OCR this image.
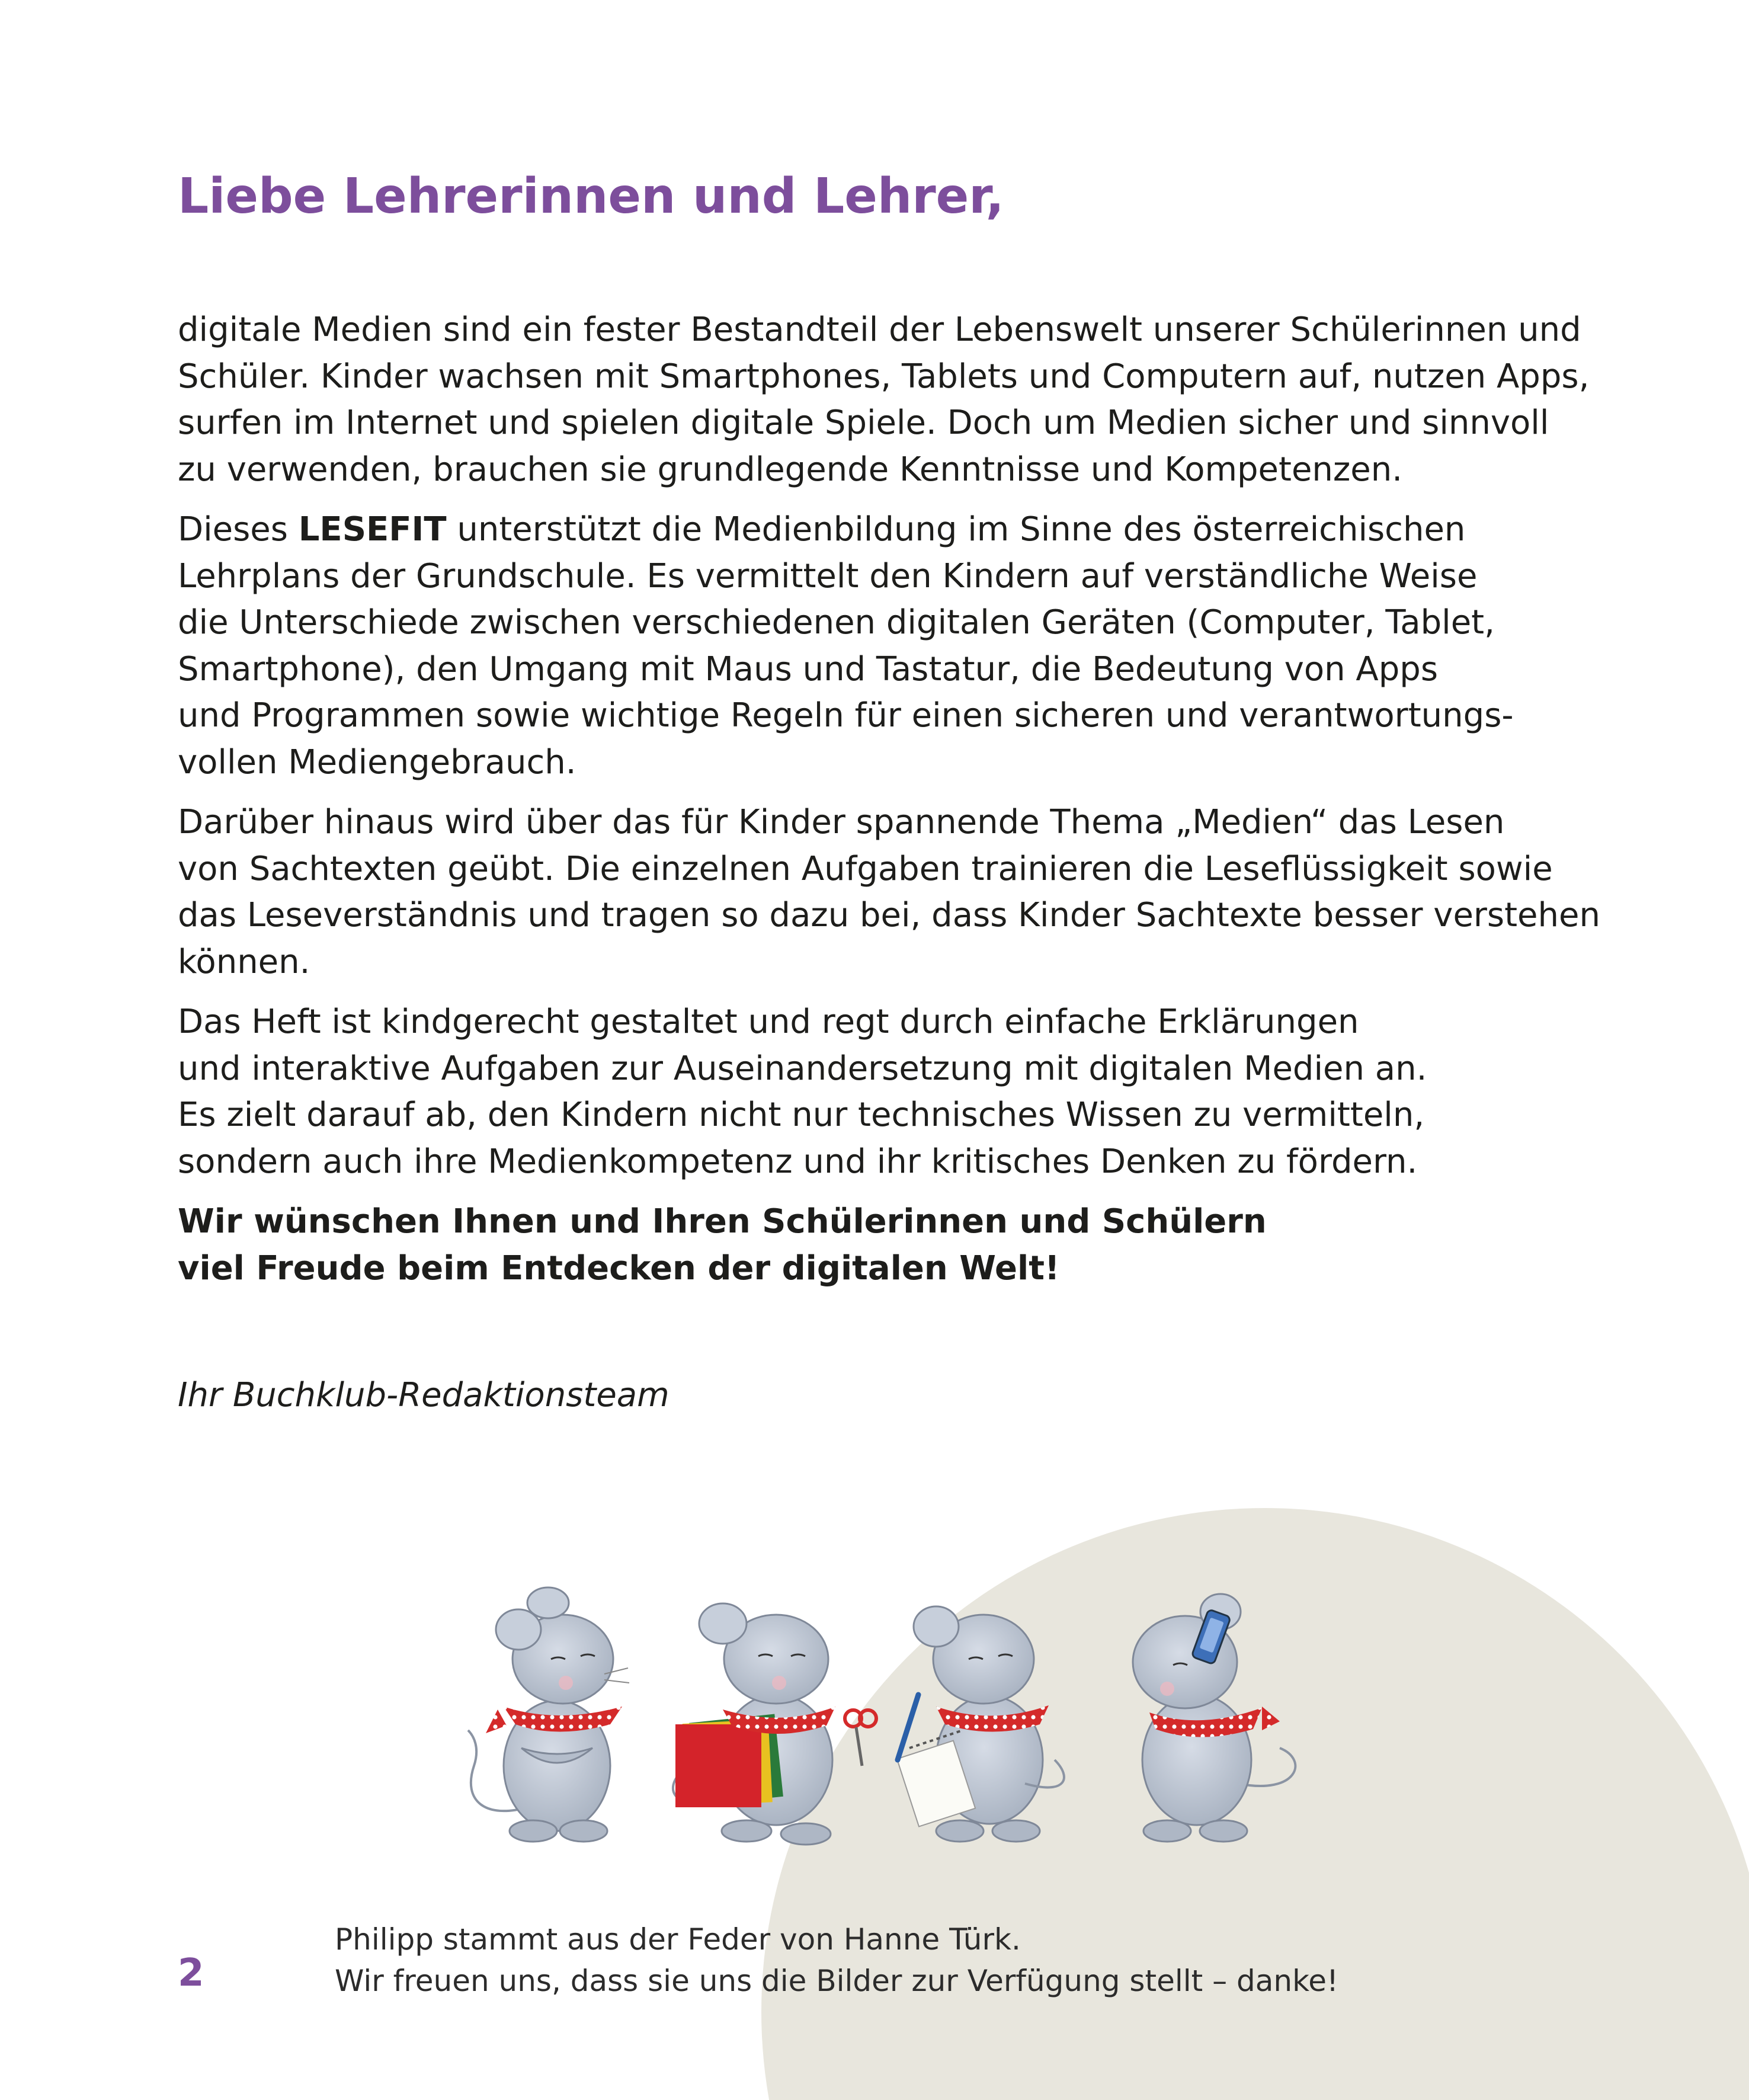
Liebe Lehrerinnen und Lehrer,

digitale Medien sind ein fester Bestandteil der Lebenswelt unserer Schülerinnen und
Schüler. Kinder wachsen mit Smartphones, Tablets und Computern auf, nutzen Apps,
surfen im Internet und spielen digitale Spiele. Doch um Medien sicher und sinnvoll
zu verwenden, brauchen sie grundlegende Kenntnisse und Kompetenzen.

Dieses LESEFIT unterstützt die Medienbildung im Sinne des österreichischen
Lehrplans der Grundschule. Es vermittelt den Kindern auf verständliche Weise
die Unterschiede zwischen verschiedenen digitalen Geräten (Computer, Tablet,
Smartphone), den Umgang mit Maus und Tastatur, die Bedeutung von Apps
und Programmen sowie wichtige Regeln für einen sicheren und verantwortungs-
vollen Mediengebrauch.

Darüber hinaus wird über das für Kinder spannende Thema „Medien“ das Lesen
von Sachtexten geübt. Die einzelnen Aufgaben trainieren die Leseflüssigkeit sowie
das Leseverständnis und tragen so dazu bei, dass Kinder Sachtexte besser verstehen
können.

Das Heft ist kindgerecht gestaltet und regt durch einfache Erklärungen
und interaktive Aufgaben zur Auseinandersetzung mit digitalen Medien an.
Es zielt darauf ab, den Kindern nicht nur technisches Wissen zu vermitteln,
sondern auch ihre Medienkompetenz und ihr kritisches Denken zu fördern.

Wir wünschen Ihnen und Ihren Schülerinnen und Schülern
viel Freude beim Entdecken der digitalen Welt!

Ihr Buchklub-Redaktionsteam

2
Philipp stammt aus der Feder von Hanne Türk.
Wir freuen uns, dass sie uns die Bilder zur Verfügung stellt – danke!
